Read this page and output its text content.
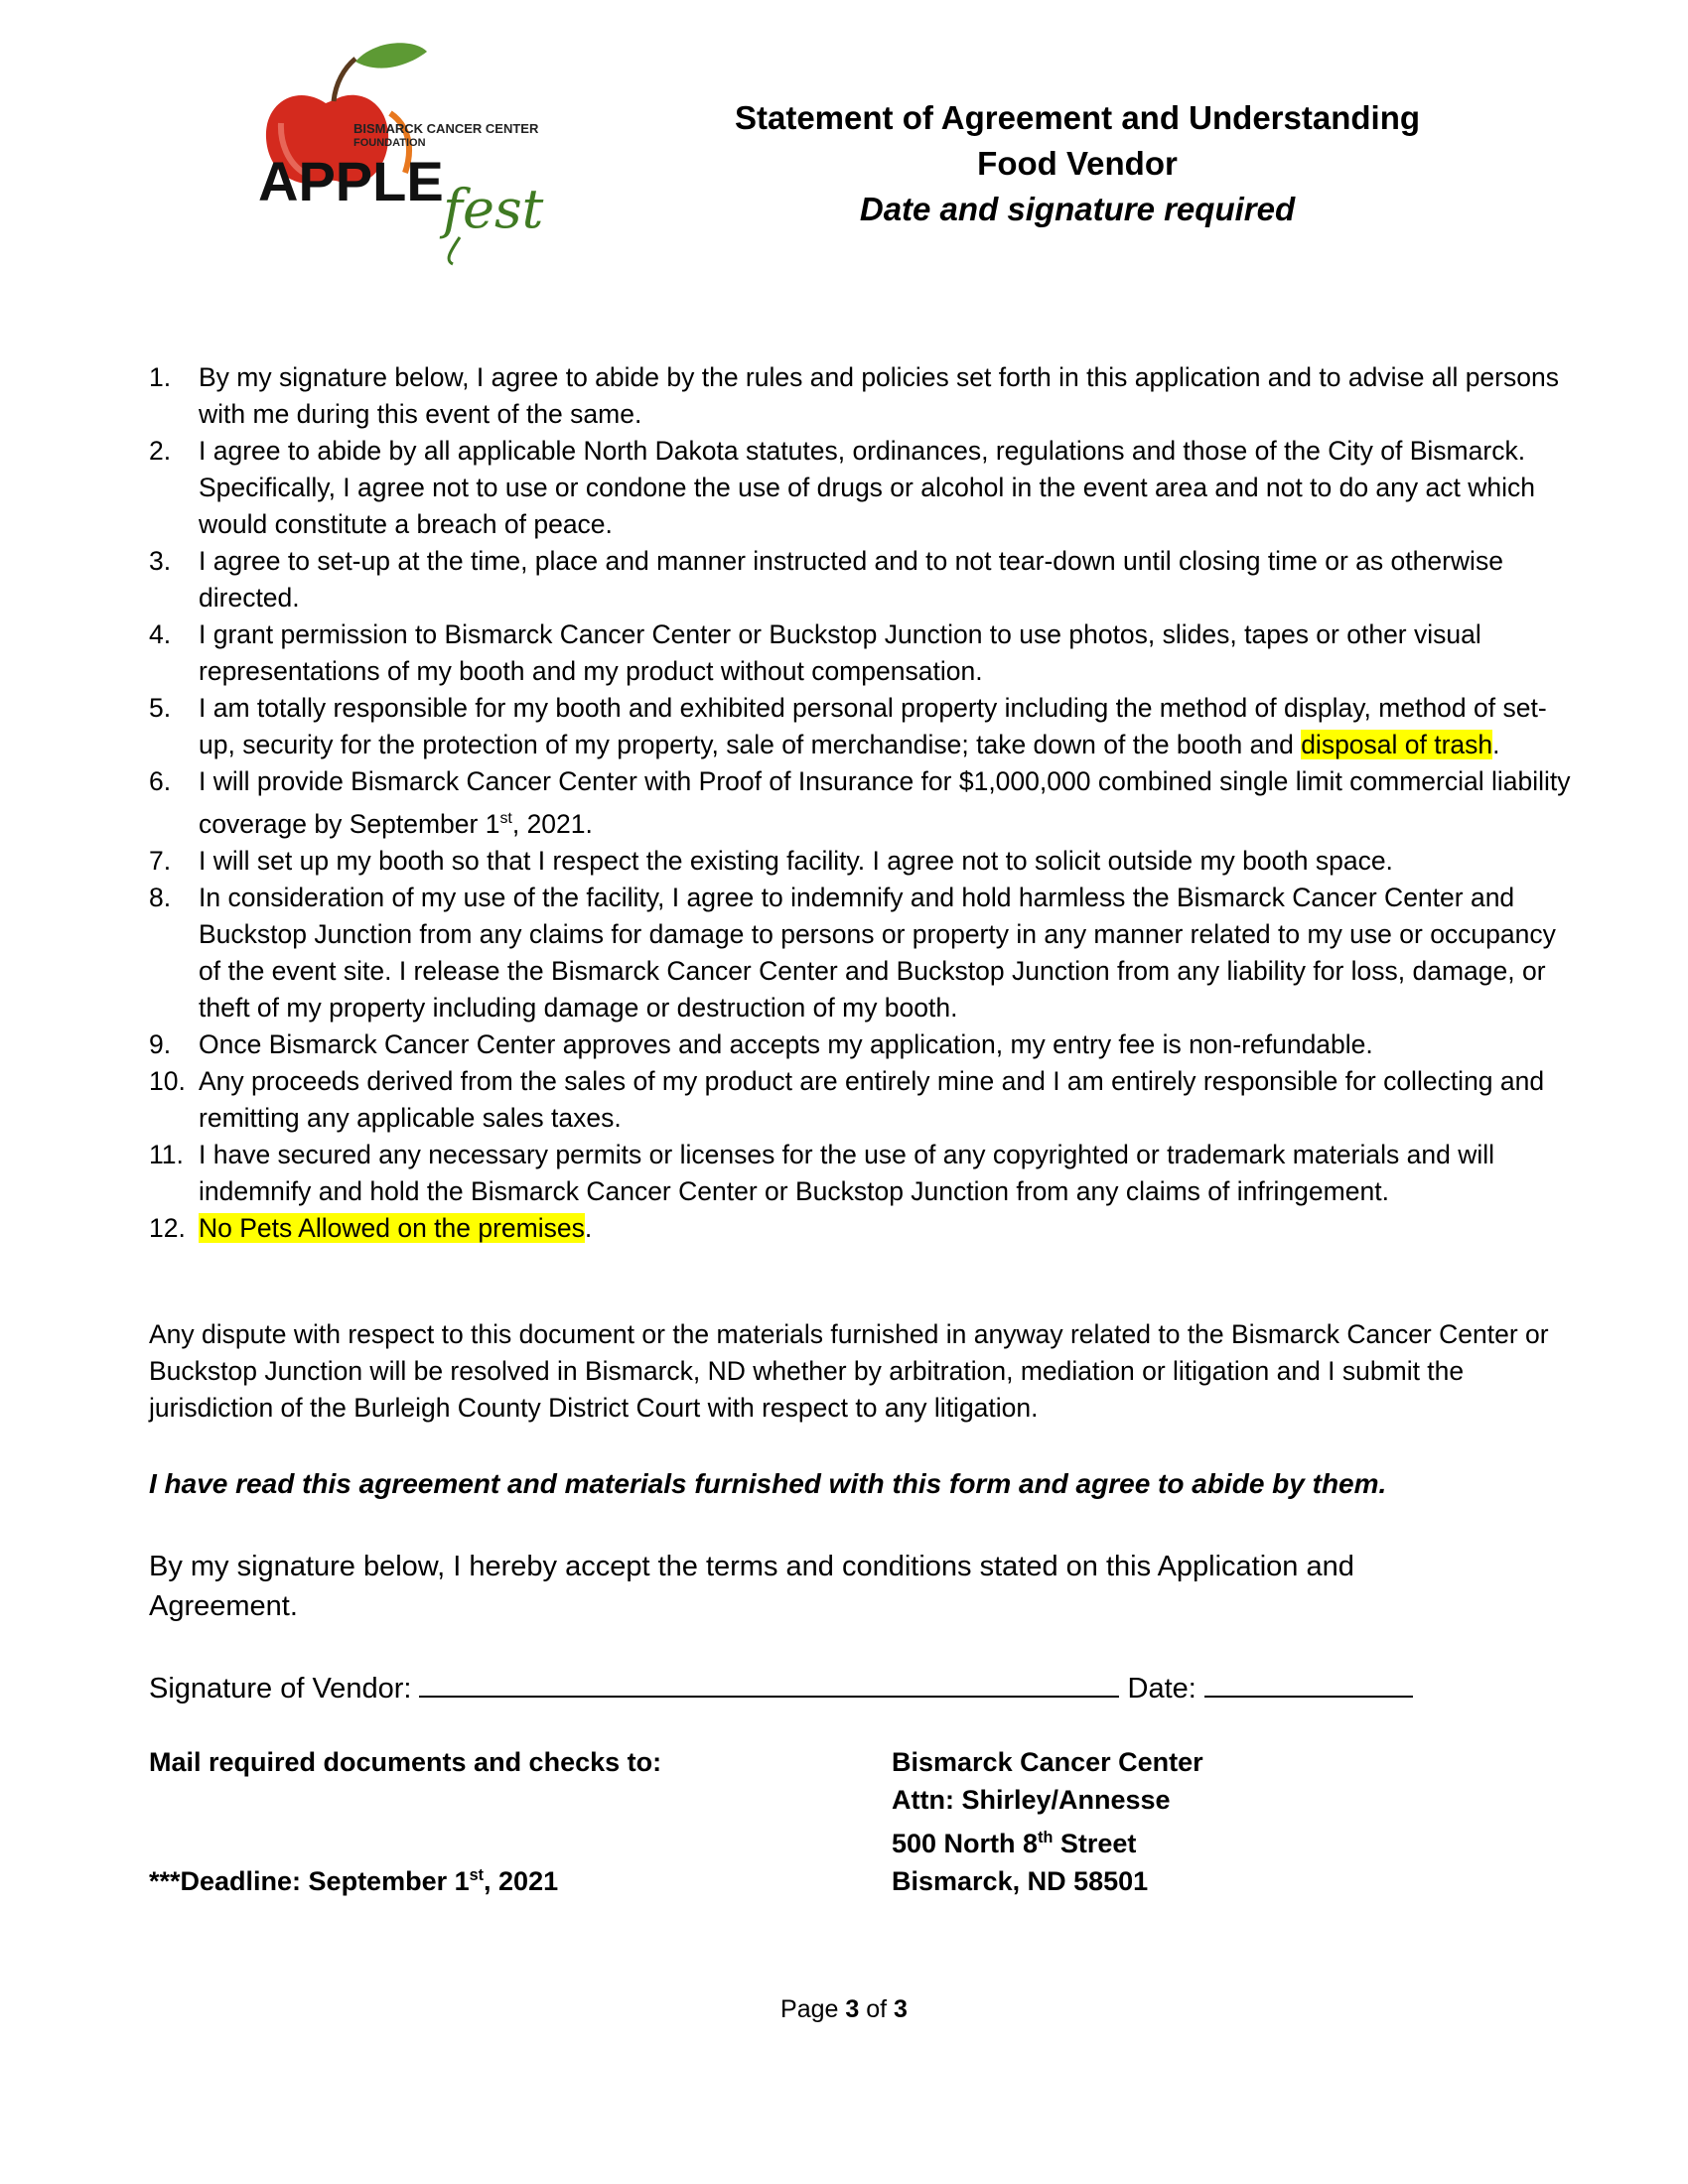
BISMARCK CANCER CENTER
FOUNDATION
APPLE fest
Statement of Agreement and Understanding
Food Vendor
Date and signature required
1.	By my signature below, I agree to abide by the rules and policies set forth in this application and to advise all persons with me during this event of the same.
2.	I agree to abide by all applicable North Dakota statutes, ordinances, regulations and those of the City of Bismarck. Specifically, I agree not to use or condone the use of drugs or alcohol in the event area and not to do any act which would constitute a breach of peace.
3.	I agree to set-up at the time, place and manner instructed and to not tear-down until closing time or as otherwise directed.
4.	I grant permission to Bismarck Cancer Center or Buckstop Junction to use photos, slides, tapes or other visual representations of my booth and my product without compensation.
5.	I am totally responsible for my booth and exhibited personal property including the method of display, method of set-up, security for the protection of my property, sale of merchandise; take down of the booth and disposal of trash.
6.	I will provide Bismarck Cancer Center with Proof of Insurance for $1,000,000 combined single limit commercial liability coverage by September 1st, 2021.
7.	I will set up my booth so that I respect the existing facility. I agree not to solicit outside my booth space.
8.	In consideration of my use of the facility, I agree to indemnify and hold harmless the Bismarck Cancer Center and Buckstop Junction from any claims for damage to persons or property in any manner related to my use or occupancy of the event site. I release the Bismarck Cancer Center and Buckstop Junction from any liability for loss, damage, or theft of my property including damage or destruction of my booth.
9.	Once Bismarck Cancer Center approves and accepts my application, my entry fee is non-refundable.
10. Any proceeds derived from the sales of my product are entirely mine and I am entirely responsible for collecting and remitting any applicable sales taxes.
11. I have secured any necessary permits or licenses for the use of any copyrighted or trademark materials and will indemnify and hold the Bismarck Cancer Center or Buckstop Junction from any claims of infringement.
12. No Pets Allowed on the premises.
Any dispute with respect to this document or the materials furnished in anyway related to the Bismarck Cancer Center or Buckstop Junction will be resolved in Bismarck, ND whether by arbitration, mediation or litigation and I submit the jurisdiction of the Burleigh County District Court with respect to any litigation.
I have read this agreement and materials furnished with this form and agree to abide by them.
By my signature below, I hereby accept the terms and conditions stated on this Application and Agreement.
Signature of Vendor:	Date:
Mail required documents and checks to:
***Deadline: September 1st, 2021
Bismarck Cancer Center
Attn: Shirley/Annesse
500 North 8th Street
Bismarck, ND 58501
Page 3 of 3
